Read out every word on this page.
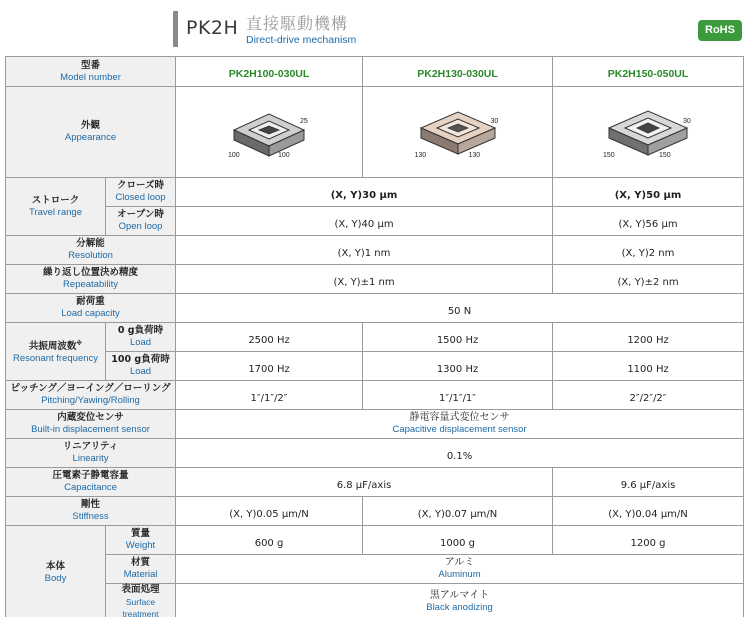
PK2H 直接駆動機構
Direct-drive mechanism
RoHS
型番
Model number		PK2H100-030UL	PK2H130-030UL	PK2H150-050UL

外観
Appearance		25
100 100	30
130 130	30
150 150

ストローク
Travel range	クローズ時
Closed loop	(X, Y)30 μm		(X, Y)50 μm

	オープン時
Open loop	(X, Y)40 μm		(X, Y)56 μm

分解能
Resolution		(X, Y)1 nm		(X, Y)2 nm

繰り返し位置決め精度
Repeatability		(X, Y)±1 nm		(X, Y)±2 nm

耐荷重
Load capacity		50 N		

共振周波数※
Resonant frequency	0 g負荷時
Load	2500 Hz	1500 Hz	1200 Hz

	100 g負荷時
Load	1700 Hz	1300 Hz	1100 Hz

ピッチング／ヨーイング／ローリング
Pitching/Yawing/Rolling		1″/1″/2″	1″/1″/1″	2″/2″/2″

内蔵変位センサ
Built-in displacement sensor		静電容量式変位センサ
Capacitive displacement sensor		

リニアリティ
Linearity		0.1%		

圧電素子静電容量
Capacitance		6.8 μF/axis		9.6 μF/axis

剛性
Stiffness		(X, Y)0.05 μm/N	(X, Y)0.07 μm/N	(X, Y)0.04 μm/N

本体
Body	質量
Weight	600 g	1000 g	1200 g

	材質
Material	アルミ
Aluminum		

	表面処理
Surface treatment	黒アルマイト
Black anodizing		
